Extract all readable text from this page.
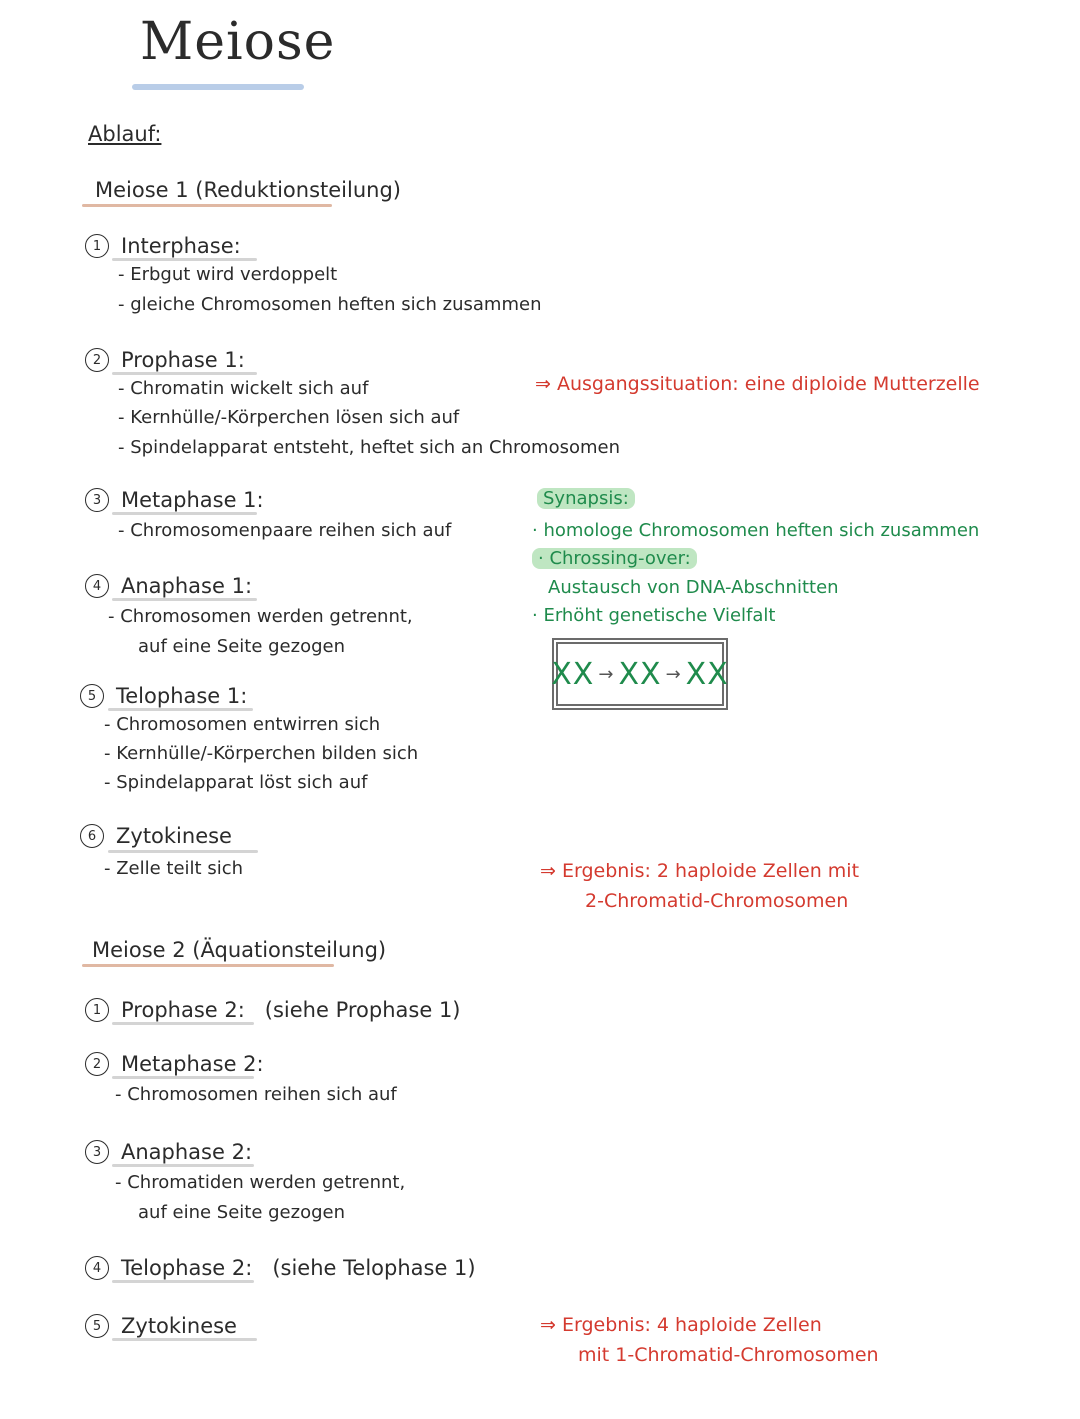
Meiose
Ablauf:
Meiose 1 (Reduktionsteilung)
1 Interphase:
- Erbgut wird verdoppelt
- gleiche Chromosomen heften sich zusammen
2 Prophase 1:
- Chromatin wickelt sich auf
- Kernhülle/-Körperchen lösen sich auf
- Spindelapparat entsteht, heftet sich an Chromosomen
3 Metaphase 1:
- Chromosomenpaare reihen sich auf
4 Anaphase 1:
- Chromosomen werden getrennt,
auf eine Seite gezogen
5 Telophase 1:
- Chromosomen entwirren sich
- Kernhülle/-Körperchen bilden sich
- Spindelapparat löst sich auf
6 Zytokinese
- Zelle teilt sich
⇒ Ausgangssituation: eine diploide Mutterzelle
Synapsis:
· homologe Chromosomen heften sich zusammen
· Chrossing-over:
Austausch von DNA-Abschnitten
· Erhöht genetische Vielfalt
XX → XX → XX
⇒ Ergebnis: 2 haploide Zellen mit
2-Chromatid-Chromosomen
Meiose 2 (Äquationsteilung)
1 Prophase 2: (siehe Prophase 1)
2 Metaphase 2:
- Chromosomen reihen sich auf
3 Anaphase 2:
- Chromatiden werden getrennt,
auf eine Seite gezogen
4 Telophase 2: (siehe Telophase 1)
5 Zytokinese	⇒ Ergebnis: 4 haploide Zellen
mit 1-Chromatid-Chromosomen
